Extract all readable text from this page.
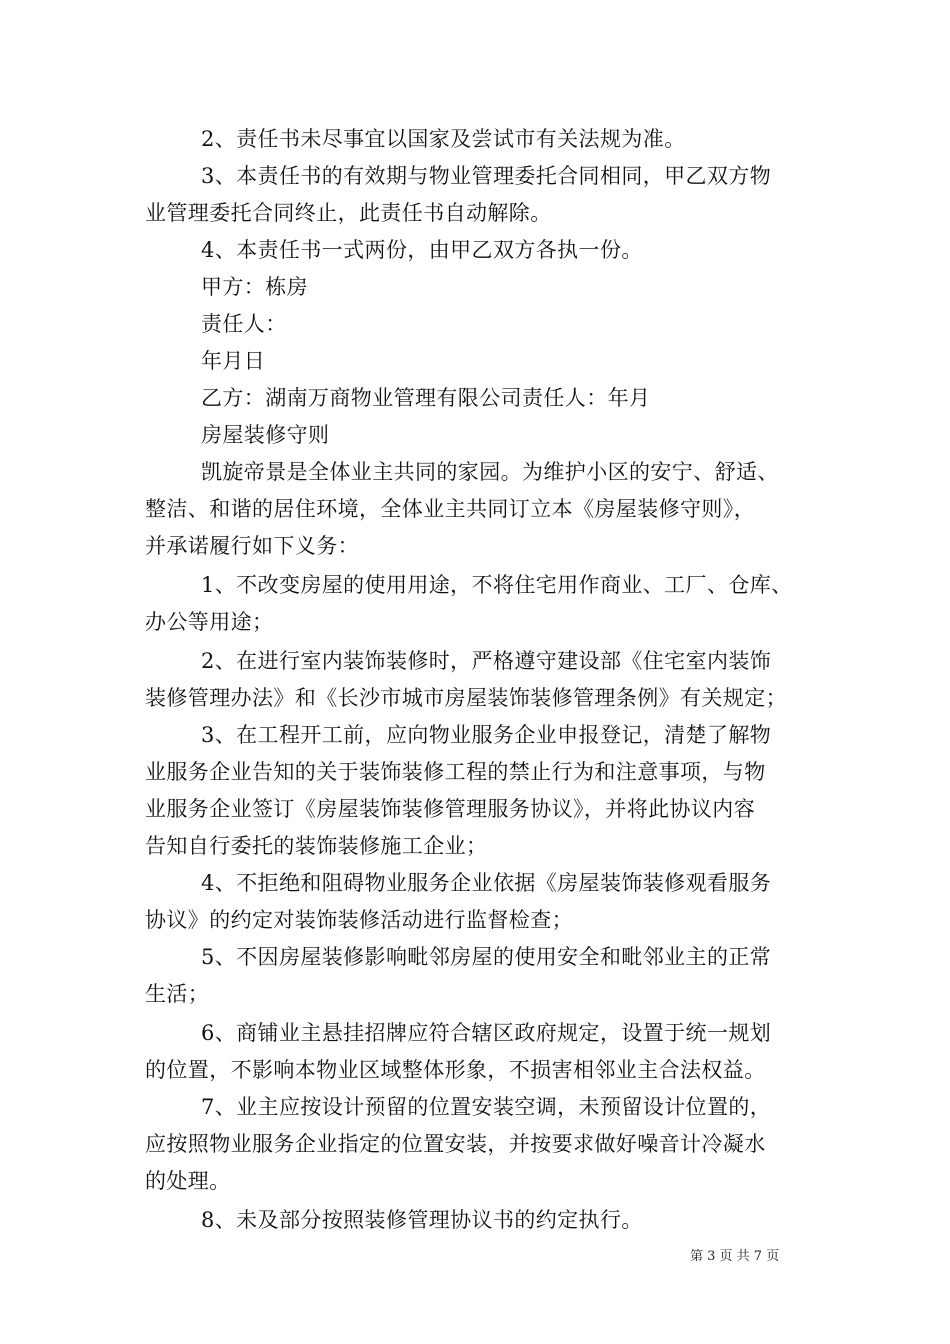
2、责任书未尽事宜以国家及尝试市有关法规为准。
3、本责任书的有效期与物业管理委托合同相同，甲乙双方物
业管理委托合同终止，此责任书自动解除。
4、本责任书一式两份，由甲乙双方各执一份。
甲方：栋房
责任人：
年月日
乙方：湖南万商物业管理有限公司责任人：年月
房屋装修守则
凯旋帝景是全体业主共同的家园。为维护小区的安宁、舒适、
整洁、和谐的居住环境，全体业主共同订立本《房屋装修守则》，
并承诺履行如下义务：
1、不改变房屋的使用用途，不将住宅用作商业、工厂、仓库、
办公等用途；
2、在进行室内装饰装修时，严格遵守建设部《住宅室内装饰
装修管理办法》和《长沙市城市房屋装饰装修管理条例》有关规定；
3、在工程开工前，应向物业服务企业申报登记，清楚了解物
业服务企业告知的关于装饰装修工程的禁止行为和注意事项，与物
业服务企业签订《房屋装饰装修管理服务协议》，并将此协议内容
告知自行委托的装饰装修施工企业；
4、不拒绝和阻碍物业服务企业依据《房屋装饰装修观看服务
协议》的约定对装饰装修活动进行监督检查；
5、不因房屋装修影响毗邻房屋的使用安全和毗邻业主的正常
生活；
6、商铺业主悬挂招牌应符合辖区政府规定，设置于统一规划
的位置，不影响本物业区域整体形象，不损害相邻业主合法权益。
7、业主应按设计预留的位置安装空调，未预留设计位置的，
应按照物业服务企业指定的位置安装，并按要求做好噪音计冷凝水
的处理。
8、未及部分按照装修管理协议书的约定执行。
第 3 页 共 7 页
